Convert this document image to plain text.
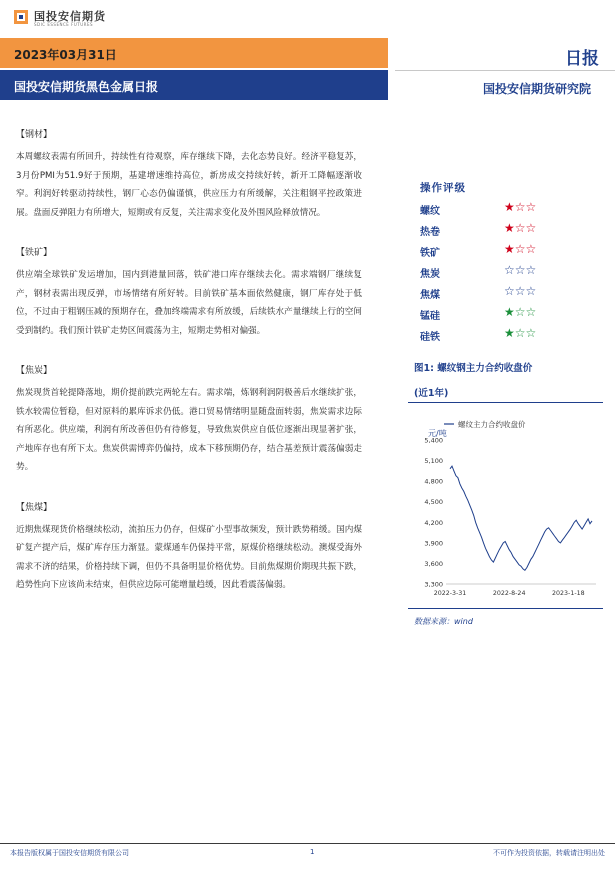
国投安信期货
SDIC ESSENCE FUTURES
2023年03月31日
国投安信期货黑色金属日报
日报
国投安信期货研究院
【钢材】

本周螺纹表需有所回升，持续性有待观察，库存继续下降，去化态势良好。经济平稳复苏，3月份PMI为51.9好于预期，基建增速维持高位，新房成交持续好转，新开工降幅逐渐收窄。利润好转驱动持续性，钢厂心态仍偏谨慎，供应压力有所缓解，关注粗钢平控政策进展。盘面反弹阻力有所增大，短期或有反复，关注需求变化及外围风险释放情况。

【铁矿】

供应端全球铁矿发运增加，国内到港量回落，铁矿港口库存继续去化。需求端钢厂继续复产，钢材表需出现反弹，市场情绪有所好转。目前铁矿基本面依然健康，钢厂库存处于低位，不过由于粗钢压减的预期存在，叠加终端需求有所放缓，后续铁水产量继续上行的空间受到制约。我们预计铁矿走势区间震荡为主，短期走势相对偏强。

【焦炭】

焦炭现货首轮提降落地，期价提前跌完两轮左右。需求端，炼钢利润阴极善后水继续扩张，铁水较需位暂稳，但对原料的累库诉求仍低。港口贸易情绪明显随盘面转弱，焦炭需求边际有所恶化。供应端，利润有所改善但仍有待修复，导致焦炭供应自低位逐渐出现显著扩张，产地库存也有所下太。焦炭供需博弈仍偏持，成本下移预期仍存，结合基差预计震荡偏弱走势。

【焦煤】

近期焦煤现货价格继续松动，流拍压力仍存，但煤矿小型事故频发，预计跌势稍缓。国内煤矿复产提产后，煤矿库存压力渐显。蒙煤通车仍保持平常，原煤价格继续松动。澳煤受海外需求不济的结果，价格持续下调，但仍不具备明显价格优势。目前焦煤期价期现共振下跌，趋势性向下应该尚未结束，但供应边际可能增量趋缓，因此看震荡偏弱。

操作评级
螺纹	★☆☆
热卷	★☆☆
铁矿	★☆☆
焦炭	☆☆☆
焦煤	☆☆☆
锰硅	★☆☆
硅铁	★☆☆
图1: 螺纹钢主力合约收盘价
(近1年)
元/吨
螺纹主力合约收盘价
3,300
3,600
3,900
4,200
4,500
4,800
5,100
5,400
2022-3-31	2022-8-24	2023-1-18
数据来源：wind
本报告版权属于国投安信期货有限公司	1	不可作为投资依据，转载请注明出处
